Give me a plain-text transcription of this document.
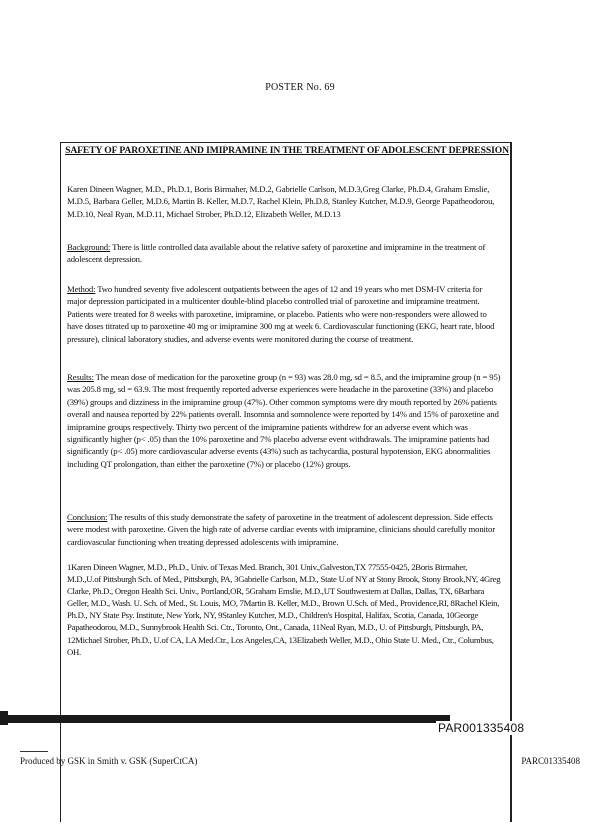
POSTER No. 69
SAFETY OF PAROXETINE AND IMIPRAMINE IN THE TREATMENT OF ADOLESCENT DEPRESSION

Karen Dineen Wagner, M.D., Ph.D.1, Boris Birmaher, M.D.2, Gabrielle Carlson, M.D.3,Greg Clarke, Ph.D.4, Graham Emslie, M.D.5, Barbara Geller, M.D.6, Martin B. Keller, M.D.7, Rachel Klein, Ph.D.8, Stanley Kutcher, M.D.9, George Papatheodorou, M.D.10, Neal Ryan, M.D.11, Michael Strober, Ph.D.12, Elizabeth Weller, M.D.13

Background: There is little controlled data available about the relative safety of paroxetine and imipramine in the treatment of adolescent depression.

Method: Two hundred seventy five adolescent outpatients between the ages of 12 and 19 years who met DSM-IV criteria for major depression participated in a multicenter double-blind placebo controlled trial of paroxetine and imipramine treatment. Patients were treated for 8 weeks with paroxetine, imipramine, or placebo. Patients who were non-responders were allowed to have doses titrated up to paroxetine 40 mg or imipramine 300 mg at week 6. Cardiovascular functioning (EKG, heart rate, blood pressure), clinical laboratory studies, and adverse events were monitored during the course of treatment.

Results: The mean dose of medication for the paroxetine group (n = 93) was 28.0 mg, sd = 8.5, and the imipramine group (n = 95) was 205.8 mg, sd = 63.9. The most frequently reported adverse experiences were headache in the paroxetine (33%) and placebo (39%) groups and dizziness in the imipramine group (47%). Other common symptoms were dry mouth reported by 26% patients overall and nausea reported by 22% patients overall. Insomnia and somnolence were reported by 14% and 15% of paroxetine and imipramine groups respectively. Thirty two percent of the imipramine patients withdrew for an adverse event which was significantly higher (p< .05) than the 10% paroxetine and 7% placebo adverse event withdrawals. The imipramine patients had significantly (p< .05) more cardiovascular adverse events (43%) such as tachycardia, postural hypotension, EKG abnormalities including QT prolongation, than either the paroxetine (7%) or placebo (12%) groups.

Conclusion: The results of this study demonstrate the safety of paroxetine in the treatment of adolescent depression. Side effects were modest with paroxetine. Given the high rate of adverse cardiac events with imipramine, clinicians should carefully monitor cardiovascular functioning when treating depressed adolescents with imipramine.

1Karen Dineen Wagner, M.D., Ph.D., Univ. of Texas Med. Branch, 301 Univ.,Galveston,TX 77555-0425, 2Boris Birmaher, M.D.,U.of Pittsburgh Sch. of Med., Pittsburgh, PA, 3Gabrielle Carlson, M.D., State U.of NY at Stony Brook, Stony Brook,NY, 4Greg Clarke, Ph.D., Oregon Health Sci. Univ., Portland,OR, 5Graham Emslie, M.D.,UT Southwestern at Dallas, Dallas, TX, 6Barbara Geller, M.D., Wash. U. Sch. of Med., St. Louis, MO, 7Martin B. Keller, M.D., Brown U.Sch. of Med., Providence,RI, 8Rachel Klein, Ph.D., NY State Psy. Institute, New York, NY, 9Stanley Kutcher, M.D., Children's Hospital, Halifax, Scotia, Canada, 10George Papatheodorou, M.D., Sunnybrook Health Sci. Ctr., Toronto, Ont., Canada, 11Neal Ryan, M.D., U. of Pittsburgh, Pittsburgh, PA, 12Michael Strober, Ph.D., U.of CA, LA Med.Ctr., Los Angeles,CA, 13Elizabeth Weller, M.D., Ohio State U. Med., Ctr., Columbus, OH.

PAR001335408
Produced by GSK in Smith v. GSK (SuperCtCA)	PARC01335408
